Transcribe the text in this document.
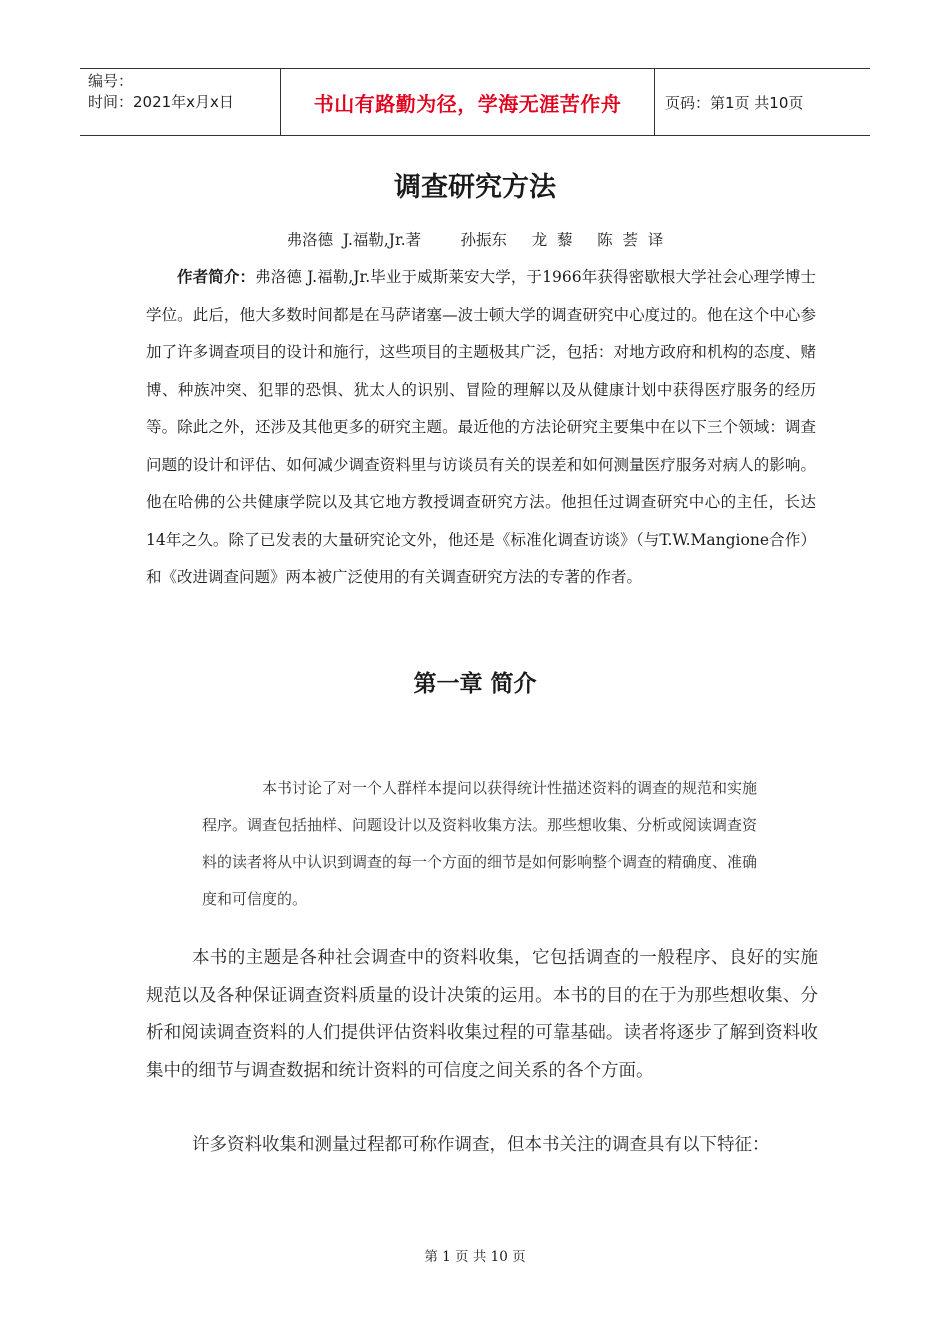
编号：
时间：2021年x月x日	书山有路勤为径，学海无涯苦作舟	页码：第1页 共10页
调查研究方法
弗洛德  J.福勒,Jr.著        孙振东     龙  藜     陈  荟  译

作者简介：弗洛德 J.福勒,Jr.毕业于威斯莱安大学，于1966年获得密歇根大学社会心理学博士学位。此后，他大多数时间都是在马萨诸塞—波士顿大学的调查研究中心度过的。他在这个中心参加了许多调查项目的设计和施行，这些项目的主题极其广泛，包括：对地方政府和机构的态度、赌博、种族冲突、犯罪的恐惧、犹太人的识别、冒险的理解以及从健康计划中获得医疗服务的经历等。除此之外，还涉及其他更多的研究主题。最近他的方法论研究主要集中在以下三个领域：调查问题的设计和评估、如何减少调查资料里与访谈员有关的误差和如何测量医疗服务对病人的影响。他在哈佛的公共健康学院以及其它地方教授调查研究方法。他担任过调查研究中心的主任，长达14年之久。除了已发表的大量研究论文外，他还是《标准化调查访谈》（与T.W.Mangione合作）和《改进调查问题》两本被广泛使用的有关调查研究方法的专著的作者。

第一章 简介

本书讨论了对一个人群样本提问以获得统计性描述资料的调查的规范和实施程序。调查包括抽样、问题设计以及资料收集方法。那些想收集、分析或阅读调查资料的读者将从中认识到调查的每一个方面的细节是如何影响整个调查的精确度、准确度和可信度的。

本书的主题是各种社会调查中的资料收集，它包括调查的一般程序、良好的实施规范以及各种保证调查资料质量的设计决策的运用。本书的目的在于为那些想收集、分析和阅读调查资料的人们提供评估资料收集过程的可靠基础。读者将逐步了解到资料收集中的细节与调查数据和统计资料的可信度之间关系的各个方面。

许多资料收集和测量过程都可称作调查，但本书关注的调查具有以下特征：

第 1 页 共 10 页
